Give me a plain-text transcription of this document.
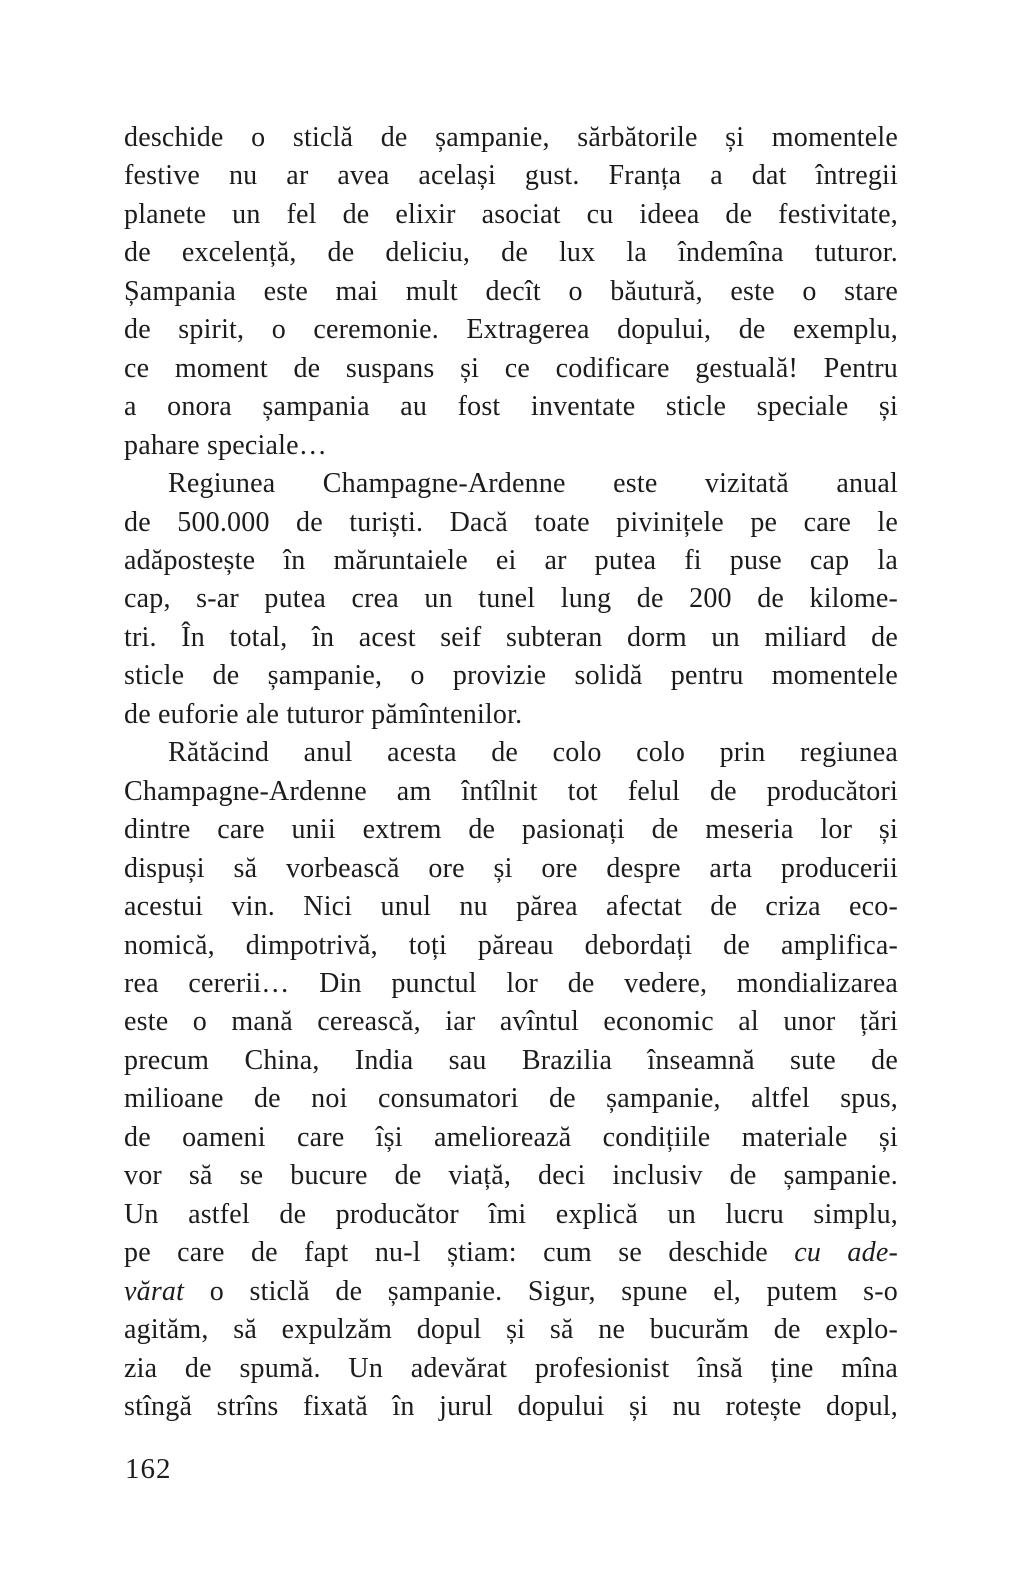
deschide o sticlă de șampanie, sărbătorile și momentele
festive nu ar avea același gust. Franța a dat întregii
planete un fel de elixir asociat cu ideea de festivitate,
de excelență, de deliciu, de lux la îndemîna tuturor.
Șampania este mai mult decît o băutură, este o stare
de spirit, o ceremonie. Extragerea dopului, de exemplu,
ce moment de suspans și ce codificare gestuală! Pentru
a onora șampania au fost inventate sticle speciale și
pahare speciale…
Regiunea Champagne-Ardenne este vizitată anual
de 500.000 de turiști. Dacă toate pivinițele pe care le
adăpostește în măruntaiele ei ar putea fi puse cap la
cap, s-ar putea crea un tunel lung de 200 de kilome-
tri. În total, în acest seif subteran dorm un miliard de
sticle de șampanie, o provizie solidă pentru momentele
de euforie ale tuturor pămîntenilor.
Rătăcind anul acesta de colo colo prin regiunea
Champagne-Ardenne am întîlnit tot felul de producători
dintre care unii extrem de pasionați de meseria lor și
dispuși să vorbească ore și ore despre arta producerii
acestui vin. Nici unul nu părea afectat de criza eco-
nomică, dimpotrivă, toți păreau debordați de amplifica-
rea cererii… Din punctul lor de vedere, mondializarea
este o mană cerească, iar avîntul economic al unor țări
precum China, India sau Brazilia înseamnă sute de
milioane de noi consumatori de șampanie, altfel spus,
de oameni care își ameliorează condițiile materiale și
vor să se bucure de viață, deci inclusiv de șampanie.
Un astfel de producător îmi explică un lucru simplu,
pe care de fapt nu-l știam: cum se deschide cu ade-
vărat o sticlă de șampanie. Sigur, spune el, putem s-o
agităm, să expulzăm dopul și să ne bucurăm de explo-
zia de spumă. Un adevărat profesionist însă ține mîna
stîngă strîns fixată în jurul dopului și nu rotește dopul,
162
